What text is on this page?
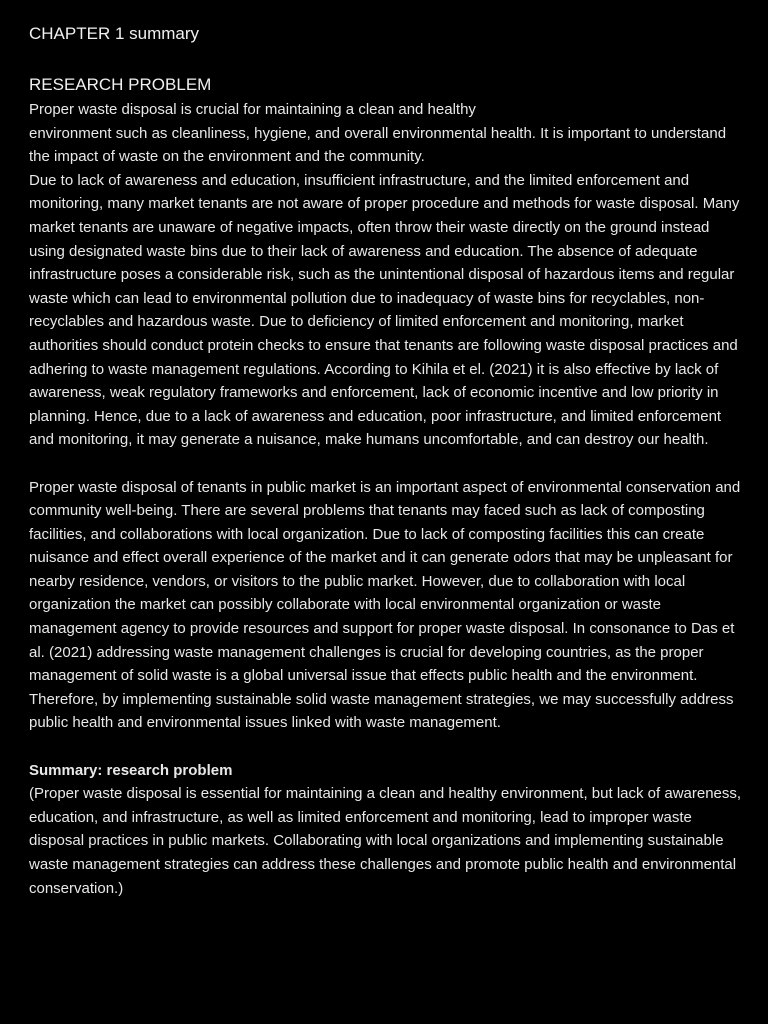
CHAPTER 1 summary
RESEARCH PROBLEM

Proper waste disposal is crucial for maintaining a clean and healthy
environment such as cleanliness, hygiene, and overall environmental health. It is important to understand the impact of waste on the environment and the community.
Due to lack of awareness and education, insufficient infrastructure, and the limited enforcement and monitoring, many market tenants are not aware of proper procedure and methods for waste disposal. Many market tenants are unaware of negative impacts, often throw their waste directly on the ground instead using designated waste bins due to their lack of awareness and education. The absence of adequate infrastructure poses a considerable risk, such as the unintentional disposal of hazardous items and regular waste which can lead to environmental pollution due to inadequacy of waste bins for recyclables, non-recyclables and hazardous waste. Due to deficiency of limited enforcement and monitoring, market authorities should conduct protein checks to ensure that tenants are following waste disposal practices and adhering to waste management regulations. According to Kihila et el. (2021) it is also effective by lack of awareness, weak regulatory frameworks and enforcement, lack of economic incentive and low priority in planning. Hence, due to a lack of awareness and education, poor infrastructure, and limited enforcement and monitoring, it may generate a nuisance, make humans uncomfortable, and can destroy our health.

Proper waste disposal of tenants in public market is an important aspect of environmental conservation and community well-being. There are several problems that tenants may faced such as lack of composting facilities, and collaborations with local organization. Due to lack of composting facilities this can create nuisance and effect overall experience of the market and it can generate odors that may be unpleasant for nearby residence, vendors, or visitors to the public market. However, due to collaboration with local organization the market can possibly collaborate with local environmental organization or waste management agency to provide resources and support for proper waste disposal. In consonance to Das et al. (2021) addressing waste management challenges is crucial for developing countries, as the proper management of solid waste is a global universal issue that effects public health and the environment. Therefore, by implementing sustainable solid waste management strategies, we may successfully address public health and environmental issues linked with waste management.

Summary: research problem

(Proper waste disposal is essential for maintaining a clean and healthy environment, but lack of awareness, education, and infrastructure, as well as limited enforcement and monitoring, lead to improper waste disposal practices in public markets. Collaborating with local organizations and implementing sustainable waste management strategies can address these challenges and promote public health and environmental conservation.)
